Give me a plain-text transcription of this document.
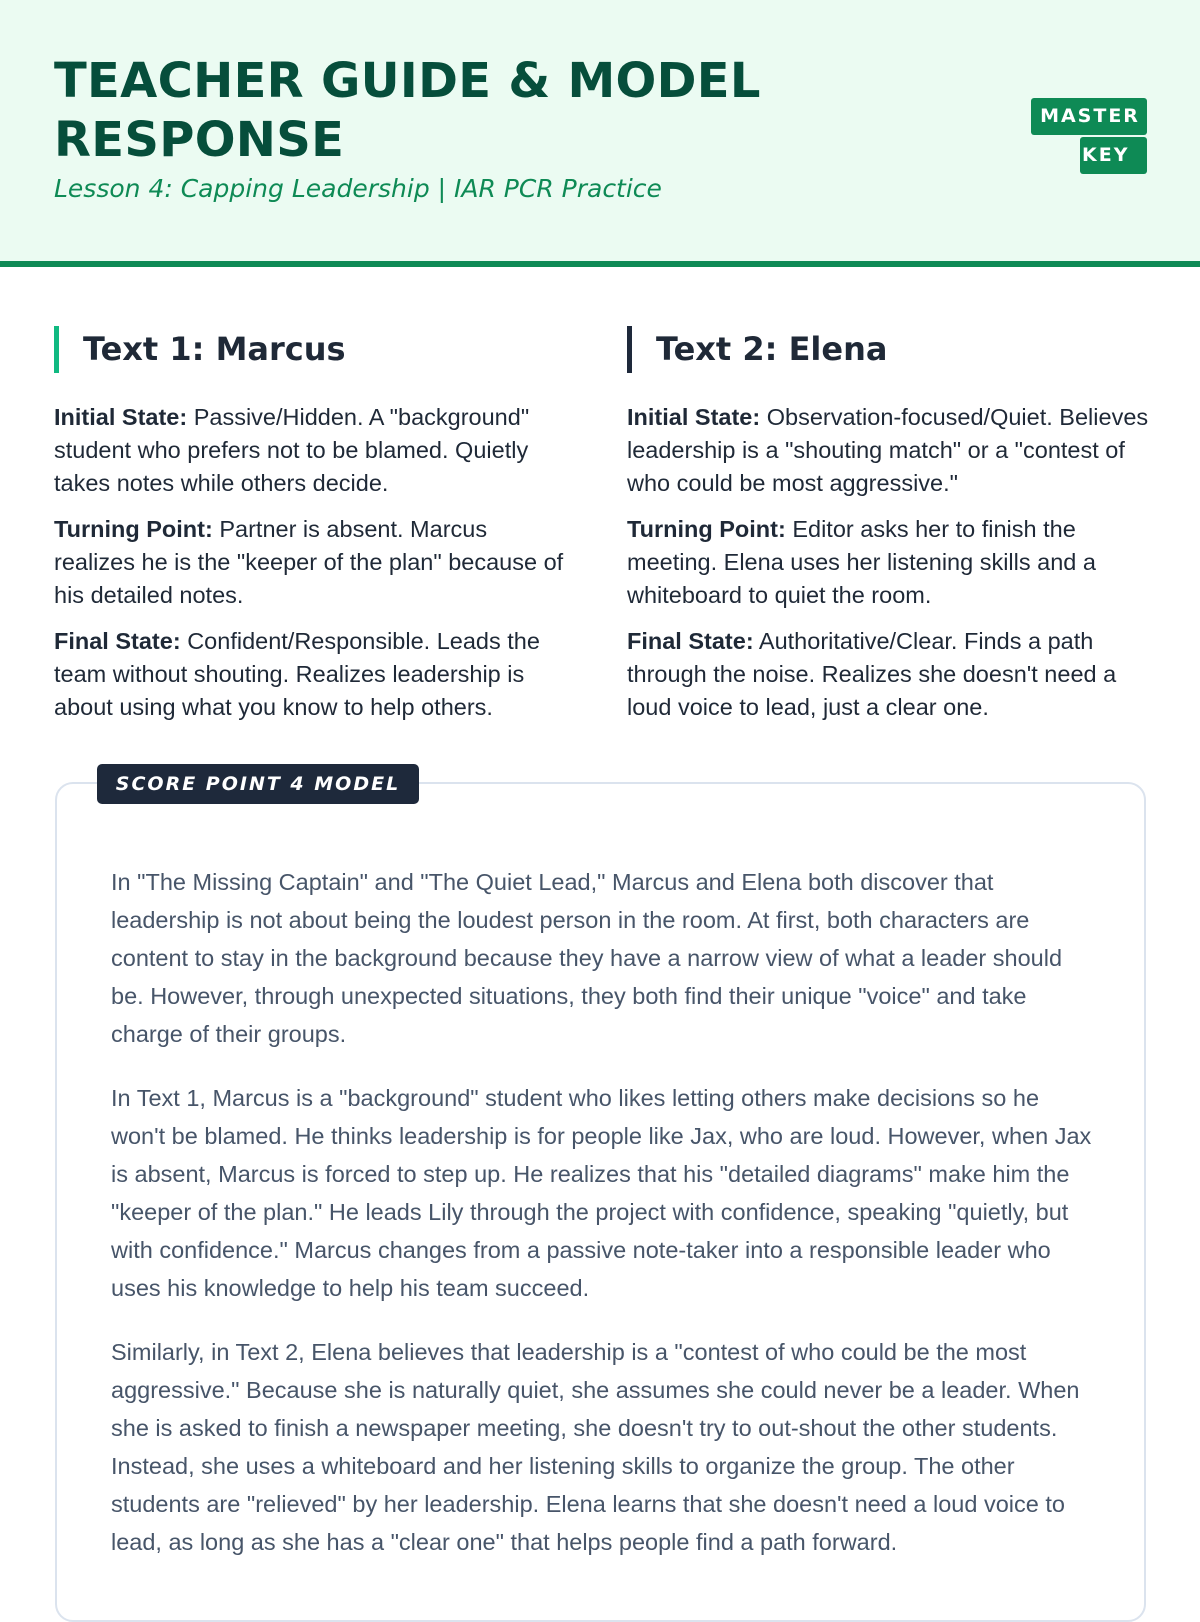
TEACHER GUIDE & MODEL RESPONSE

Lesson 4: Capping Leadership | IAR PCR Practice

MASTER
KEY
Text 1: Marcus

Initial State: Passive/Hidden. A "background" student who prefers not to be blamed. Quietly takes notes while others decide.

Turning Point: Partner is absent. Marcus realizes he is the "keeper of the plan" because of his detailed notes.

Final State: Confident/Responsible. Leads the team without shouting. Realizes leadership is about using what you know to help others.

Text 2: Elena

Initial State: Observation-focused/Quiet. Believes leadership is a "shouting match" or a "contest of who could be most aggressive."

Turning Point: Editor asks her to finish the meeting. Elena uses her listening skills and a whiteboard to quiet the room.

Final State: Authoritative/Clear. Finds a path through the noise. Realizes she doesn't need a loud voice to lead, just a clear one.

SCORE POINT 4 MODEL

In "The Missing Captain" and "The Quiet Lead," Marcus and Elena both discover that leadership is not about being the loudest person in the room. At first, both characters are content to stay in the background because they have a narrow view of what a leader should be. However, through unexpected situations, they both find their unique "voice" and take charge of their groups.

In Text 1, Marcus is a "background" student who likes letting others make decisions so he won't be blamed. He thinks leadership is for people like Jax, who are loud. However, when Jax is absent, Marcus is forced to step up. He realizes that his "detailed diagrams" make him the "keeper of the plan." He leads Lily through the project with confidence, speaking "quietly, but with confidence." Marcus changes from a passive note-taker into a responsible leader who uses his knowledge to help his team succeed.

Similarly, in Text 2, Elena believes that leadership is a "contest of who could be the most aggressive." Because she is naturally quiet, she assumes she could never be a leader. When she is asked to finish a newspaper meeting, she doesn't try to out-shout the other students. Instead, she uses a whiteboard and her listening skills to organize the group. The other students are "relieved" by her leadership. Elena learns that she doesn't need a loud voice to lead, as long as she has a "clear one" that helps people find a path forward.
